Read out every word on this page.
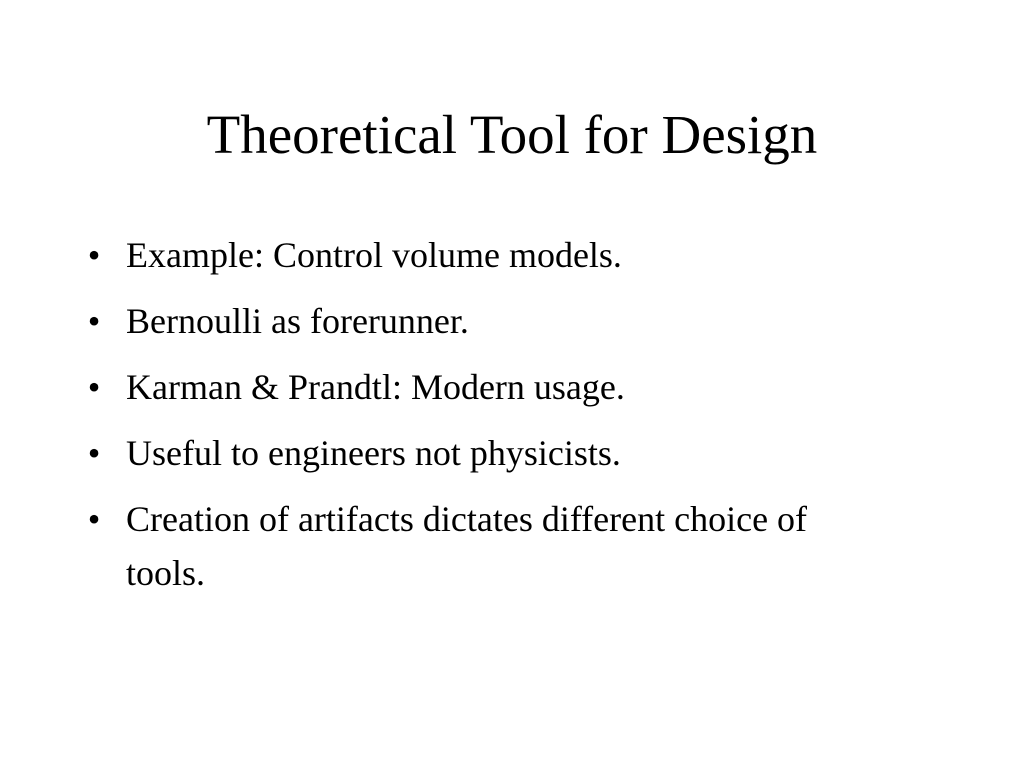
Theoretical Tool for Design
• Example: Control volume models.
• Bernoulli as forerunner.
• Karman & Prandtl: Modern usage.
• Useful to engineers not physicists.
• Creation of artifacts dictates different choice of tools.
